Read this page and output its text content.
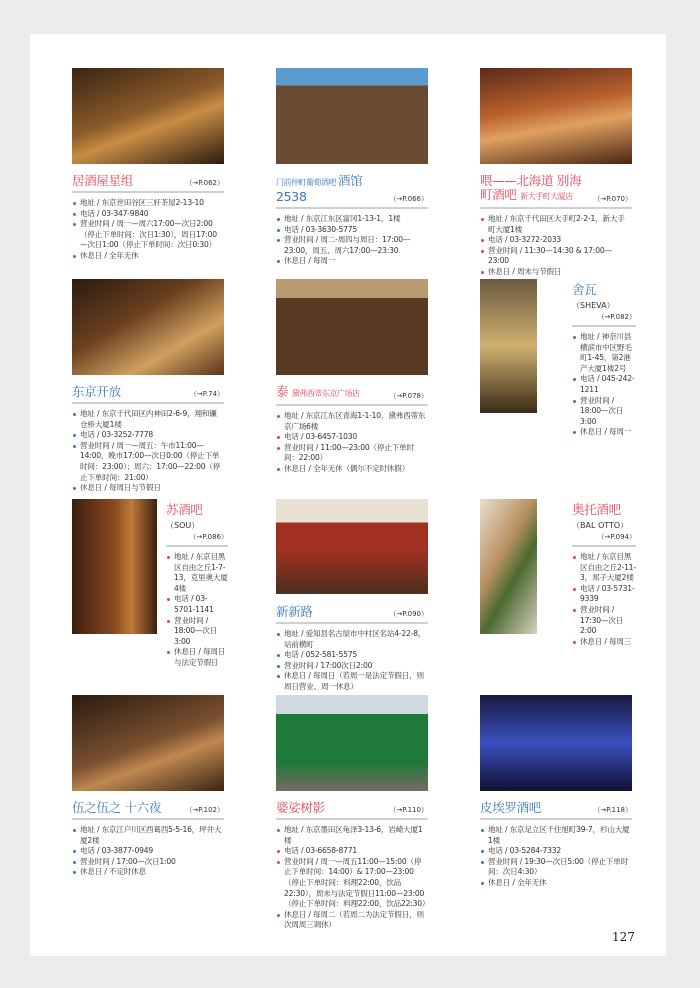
居酒屋星组	（→P.062）
地址 / 东京世田谷区三轩茶屋2-13-10
电话 / 03-347-9840
营业时间 / 周一—周六17:00—次日2:00（停止下单时间：次日1:30），周日17:00—次日1:00（停止下单时间：次日0:30）
休息日 / 全年无休
门前仲町葡萄酒吧 酒馆2538	（→P.066）
地址 / 东京江东区富冈1-13-1，1楼
电话 / 03-3630-5775
营业时间 / 周二-周四与周日：17:00—23:00，周五、周六17:00—23:30
休息日 / 每周一
喂——北海道 别海町酒吧 新大手町大厦店	（→P.070）
地址 / 东京千代田区大手町2-2-1，新大手町大厦1楼
电话 / 03-3272-2033
营业时间 / 11:30—14:30 & 17:00—23:00
休息日 / 周末与节假日
东京开放	（→P.74）
地址 / 东京千代田区内神田2-6-9，翔和镰仓桥大厦1楼
电话 / 03-3252-7778
营业时间 / 周一—周五：午市11:00—14:00，晚市17:00—次日0:00（停止下单时间：23:00）；周六：17:00—22:00（停止下单时间：21:00）
休息日 / 每周日与节假日
泰 黛弗西蒂东京广场店	（→P.078）
地址 / 东京江东区青海1-1-10，黛弗西蒂东京广场6楼
电话 / 03-6457-1030
营业时间 / 11:00—23:00（停止下单时间：22:00）
休息日 / 全年无休（偶尔不定时休假）
舍瓦
（SHEVA）
（→P.082）
地址 / 神奈川县横滨市中区野毛町1-45，第2港产大厦1楼2号
电话 / 045-242-1211
营业时间 / 18:00—次日3:00
休息日 / 每周一
苏酒吧
（SOU）
（→P.086）
地址 / 东京目黑区自由之丘1-7-13，克里奥大厦4楼
电话 / 03-5701-1141
营业时间 / 18:00—次日3:00
休息日 / 每周日与法定节假日
新新路	（→P.090）
地址 / 爱知县名古屋市中村区名站4-22-8，站前横町
电话 / 052-581-5575
营业时间 / 17:00次日2:00
休息日 / 每周日（若周一是法定节假日，则周日营业、周一休息）
奥托酒吧
（BAL OTTO）
（→P.094）
地址 / 东京目黑区自由之丘2-11-3，邦子大厦2楼
电话 / 03-5731-9339
营业时间 / 17:30—次日2:00
休息日 / 每周三
伍之伍之 十六夜	（→P.102）
地址 / 东京江户川区西葛西5-5-16，坪井大厦2楼
电话 / 03-3877-0949
营业时间 / 17:00—次日1:00
休息日 / 不定时休息
婆娑树影	（→P.110）
地址 / 东京墨田区龟泽3-13-6，岩崎大厦1楼
电话 / 03-6658-8771
营业时间 / 周一—周五11:00—15:00（停止下单时间：14:00）& 17:00—23:00（停止下单时间：料理22:00，饮品22:30），周末与法定节假日11:00—23:00（停止下单时间：料理22:00，饮品22:30）
休息日 / 每周二（若周二为法定节假日，则次周周三调休）
皮埃罗酒吧	（→P.118）
地址 / 东京足立区千住旭町39-7，杉山大厦1楼
电话 / 03-5284-7332
营业时间 / 19:30—次日5:00（停止下单时间：次日4:30）
休息日 / 全年无休
127
